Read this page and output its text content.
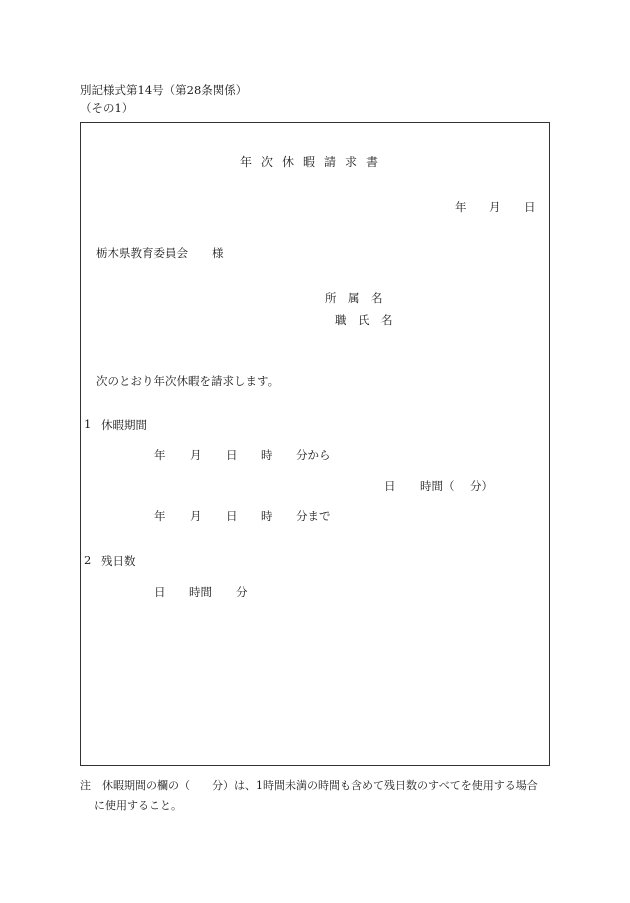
別記様式第14号（第28条関係）
（その1）
年次休暇請求書
年 月 日
栃木県教育委員会 様
所　属　名
職　氏　名
次のとおり年次休暇を請求します。
1 休暇期間
年 月 日 時 分から
日 時間（ 分）
年 月 日 時 分まで
2 残日数
日 時間 分
注　休暇期間の欄の（　　分）は、1時間未満の時間も含めて残日数のすべてを使用する場合
に使用すること。
